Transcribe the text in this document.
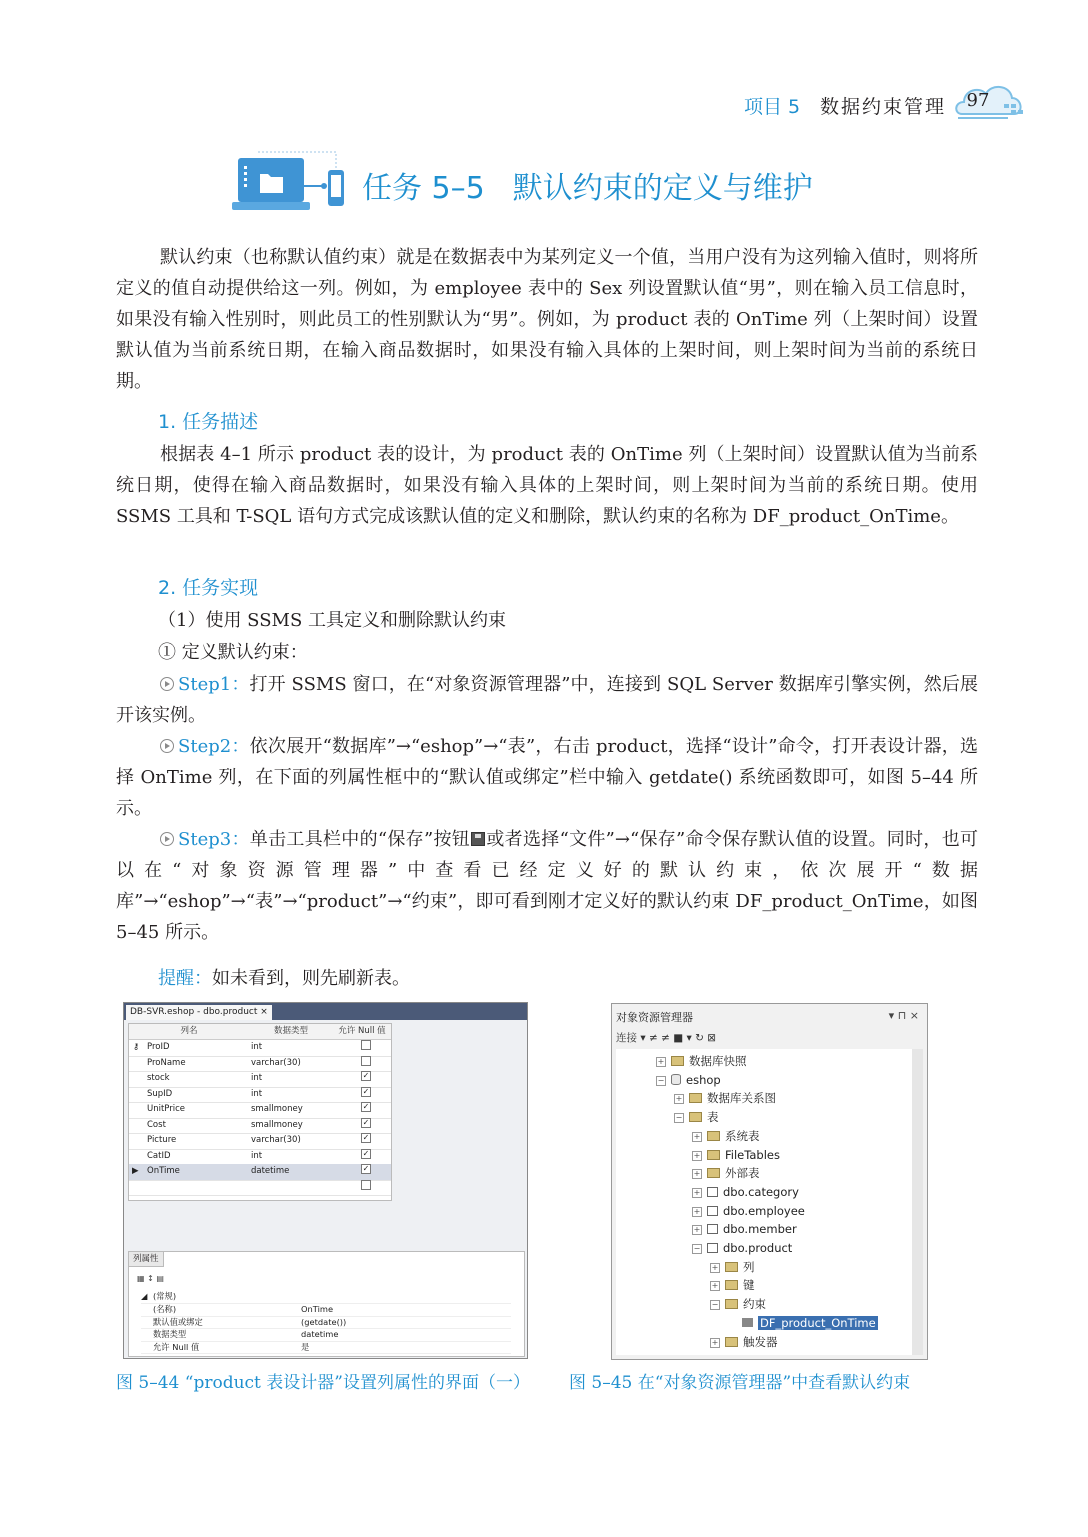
项目 5 数据约束管理	97
任务 5–5 默认约束的定义与维护
默认约束（也称默认值约束）就是在数据表中为某列定义一个值，当用户没有为这列输入值时，则将所定义的值自动提供给这一列。例如，为 employee 表中的 Sex 列设置默认值“男”，则在输入员工信息时，如果没有输入性别时，则此员工的性别默认为“男”。例如，为 product 表的 OnTime 列（上架时间）设置默认值为当前系统日期，在输入商品数据时，如果没有输入具体的上架时间，则上架时间为当前的系统日期。
1. 任务描述
根据表 4–1 所示 product 表的设计，为 product 表的 OnTime 列（上架时间）设置默认值为当前系统日期，使得在输入商品数据时，如果没有输入具体的上架时间，则上架时间为当前的系统日期。使用 SSMS 工具和 T-SQL 语句方式完成该默认值的定义和删除，默认约束的名称为 DF_product_OnTime。
2. 任务实现
（1）使用 SSMS 工具定义和删除默认约束
① 定义默认约束：
Step1：打开 SSMS 窗口，在“对象资源管理器”中，连接到 SQL Server 数据库引擎实例，然后展开该实例。
Step2：依次展开“数据库”→“eshop”→“表”，右击 product，选择“设计”命令，打开表设计器，选择 OnTime 列，在下面的列属性框中的“默认值或绑定”栏中输入 getdate() 系统函数即可，如图 5–44 所示。
Step3：单击工具栏中的“保存”按钮 或者选择“文件”→“保存”命令保存默认值的设置。同时，也可以在“对象资源管理器”中查看已经定义好的默认约束，依次展开“数据库”→“eshop”→“表”→“product”→“约束”，即可看到刚才定义好的默认约束 DF_product_OnTime，如图 5–45 所示。
提醒：如未看到，则先刷新表。
DB-SVR.eshop - dbo.product ×
列名	数据类型	允许 Null 值
⚷ ProID	int
ProName	varchar(30)
stock	int	✓
SupID	int	✓
UnitPrice	smallmoney	✓
Cost	smallmoney	✓
Picture	varchar(30)	✓
CatID	int	✓
▶ OnTime	datetime	✓
列属性
▦ ↕ ▤
◢ (常规)
(名称)	OnTime
默认值或绑定	(getdate())
数据类型	datetime
允许 Null 值	是
对象资源管理器	▾ ⊓ ×
连接 ▾ ≠ ≠ ■ ▾ ↻ ⊠
+ 数据库快照
− eshop
+ 数据库关系图
− 表
+ 系统表
+ FileTables
+ 外部表
+ dbo.category
+ dbo.employee
+ dbo.member
− dbo.product
+ 列
+ 键
− 约束
DF_product_OnTime
+ 触发器
图 5–44 “product 表设计器”设置列属性的界面（一） 图 5–45 在“对象资源管理器”中查看默认约束
